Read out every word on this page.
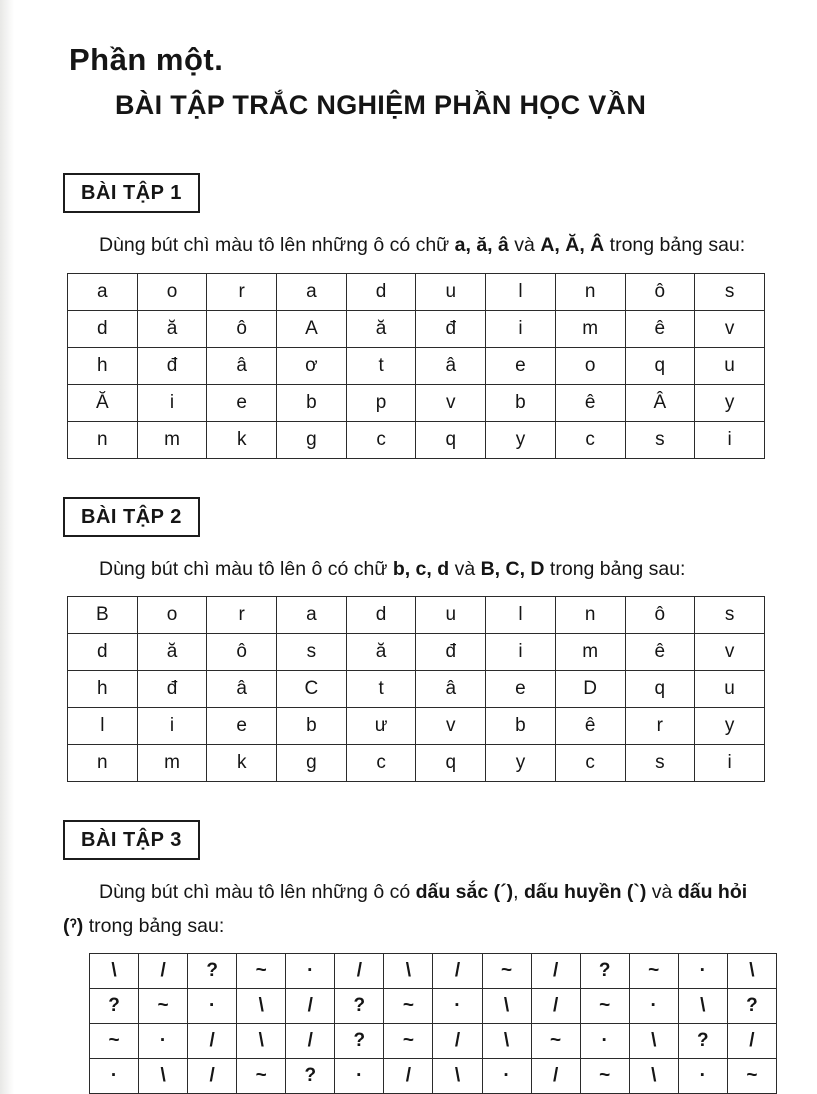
Phần một.
BÀI TẬP TRẮC NGHIỆM PHẦN HỌC VẦN
BÀI TẬP 1

Dùng bút chì màu tô lên những ô có chữ a, ă, â và A, Ă, Â trong bảng sau:

a	o	r	a	d	u	l	n	ô	s
d	ă	ô	A	ă	đ	i	m	ê	v
h	đ	â	ơ	t	â	e	o	q	u
Ă	i	e	b	p	v	b	ê	Â	y
n	m	k	g	c	q	y	c	s	i
BÀI TẬP 2

Dùng bút chì màu tô lên ô có chữ b, c, d và B, C, D trong bảng sau:

B	o	r	a	d	u	l	n	ô	s
d	ă	ô	s	ă	đ	i	m	ê	v
h	đ	â	C	t	â	e	D	q	u
l	i	e	b	ư	v	b	ê	r	y
n	m	k	g	c	q	y	c	s	i
BÀI TẬP 3

Dùng bút chì màu tô lên những ô có dấu sắc (´), dấu huyền (`) và dấu hỏi (ˀ) trong bảng sau:

\	/	?	~	·	/	\	/	~	/	?	~	·	\
?	~	·	\	/	?	~	·	\	/	~	·	\	?
~	·	/	\	/	?	~	/	\	~	·	\	?	/
·	\	/	~	?	·	/	\	·	/	~	\	·	~
